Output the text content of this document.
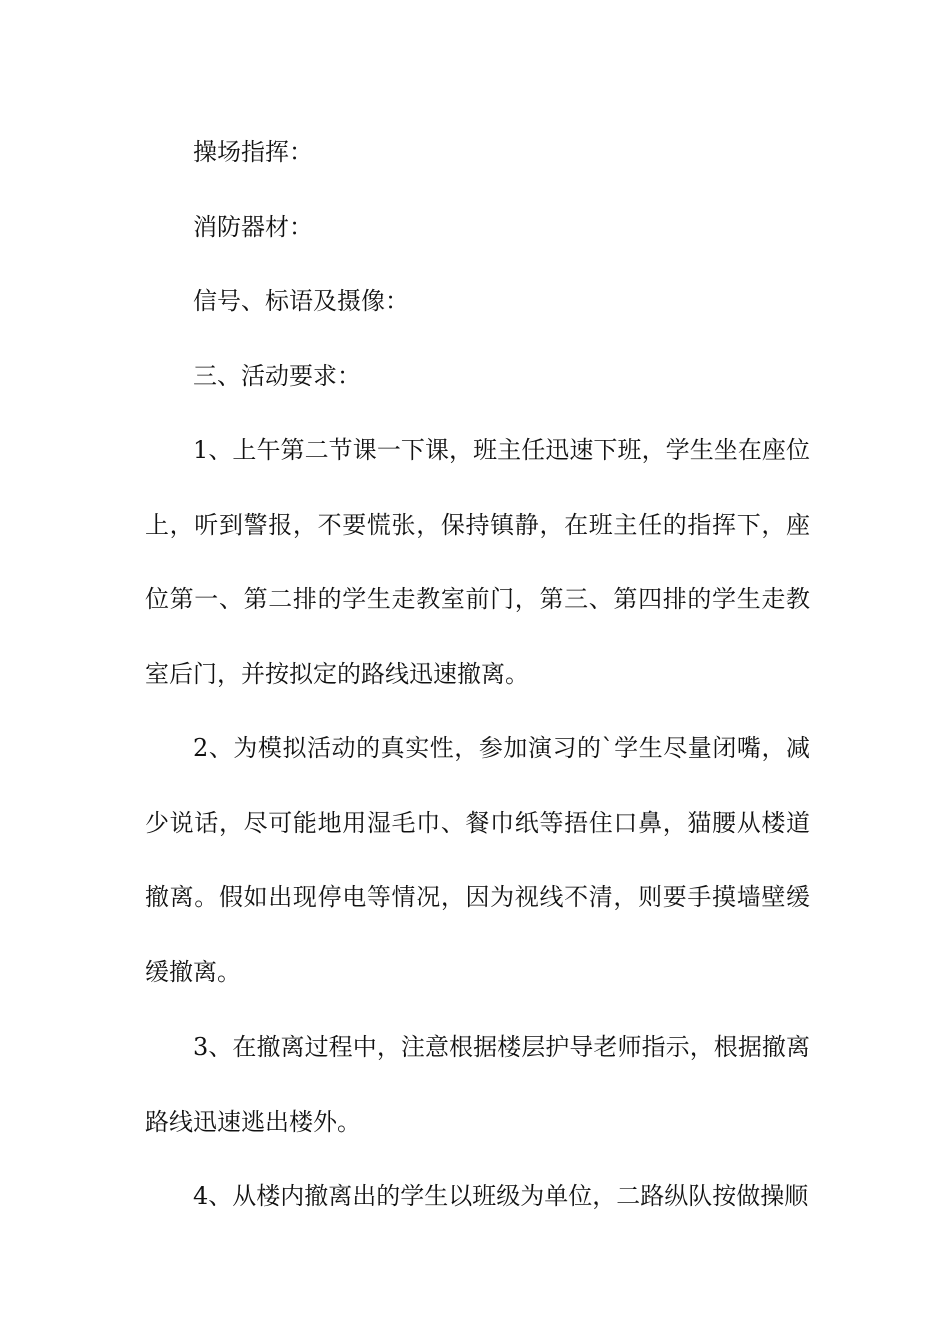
操场指挥：

消防器材：

信号、标语及摄像：

三、活动要求：

1、上午第二节课一下课，班主任迅速下班，学生坐在座位上，听到警报，不要慌张，保持镇静，在班主任的指挥下，座位第一、第二排的学生走教室前门，第三、第四排的学生走教室后门，并按拟定的路线迅速撤离。

2、为模拟活动的真实性，参加演习的`学生尽量闭嘴，减少说话，尽可能地用湿毛巾、餐巾纸等捂住口鼻，猫腰从楼道撤离。假如出现停电等情况，因为视线不清，则要手摸墙壁缓缓撤离。

3、在撤离过程中，注意根据楼层护导老师指示，根据撤离路线迅速逃出楼外。

4、从楼内撤离出的学生以班级为单位，二路纵队按做操顺
